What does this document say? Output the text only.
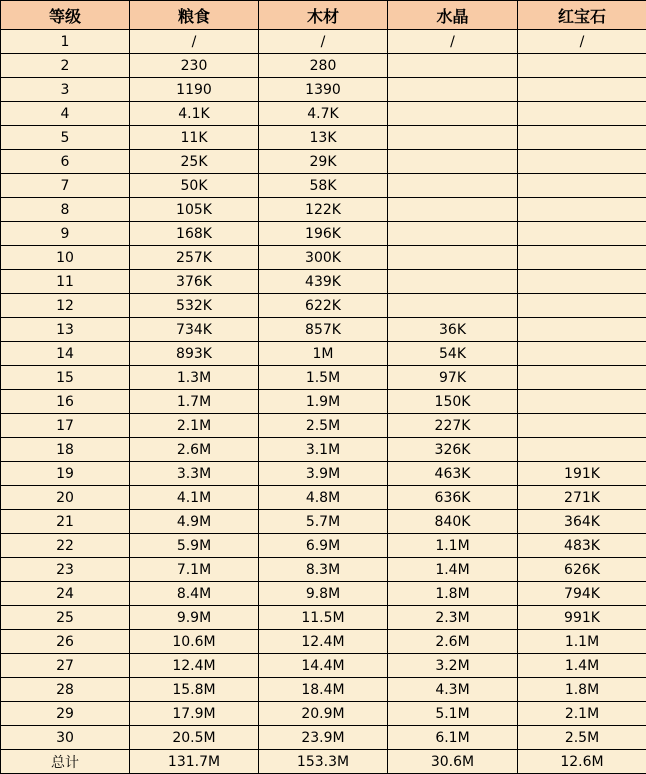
等级	粮食	木材	水晶	红宝石
1	/	/	/	/
2	230	280		
3	1190	1390		
4	4.1K	4.7K		
5	11K	13K		
6	25K	29K		
7	50K	58K		
8	105K	122K		
9	168K	196K		
10	257K	300K		
11	376K	439K		
12	532K	622K		
13	734K	857K	36K	
14	893K	1M	54K	
15	1.3M	1.5M	97K	
16	1.7M	1.9M	150K	
17	2.1M	2.5M	227K	
18	2.6M	3.1M	326K	
19	3.3M	3.9M	463K	191K
20	4.1M	4.8M	636K	271K
21	4.9M	5.7M	840K	364K
22	5.9M	6.9M	1.1M	483K
23	7.1M	8.3M	1.4M	626K
24	8.4M	9.8M	1.8M	794K
25	9.9M	11.5M	2.3M	991K
26	10.6M	12.4M	2.6M	1.1M
27	12.4M	14.4M	3.2M	1.4M
28	15.8M	18.4M	4.3M	1.8M
29	17.9M	20.9M	5.1M	2.1M
30	20.5M	23.9M	6.1M	2.5M
总计	131.7M	153.3M	30.6M	12.6M
